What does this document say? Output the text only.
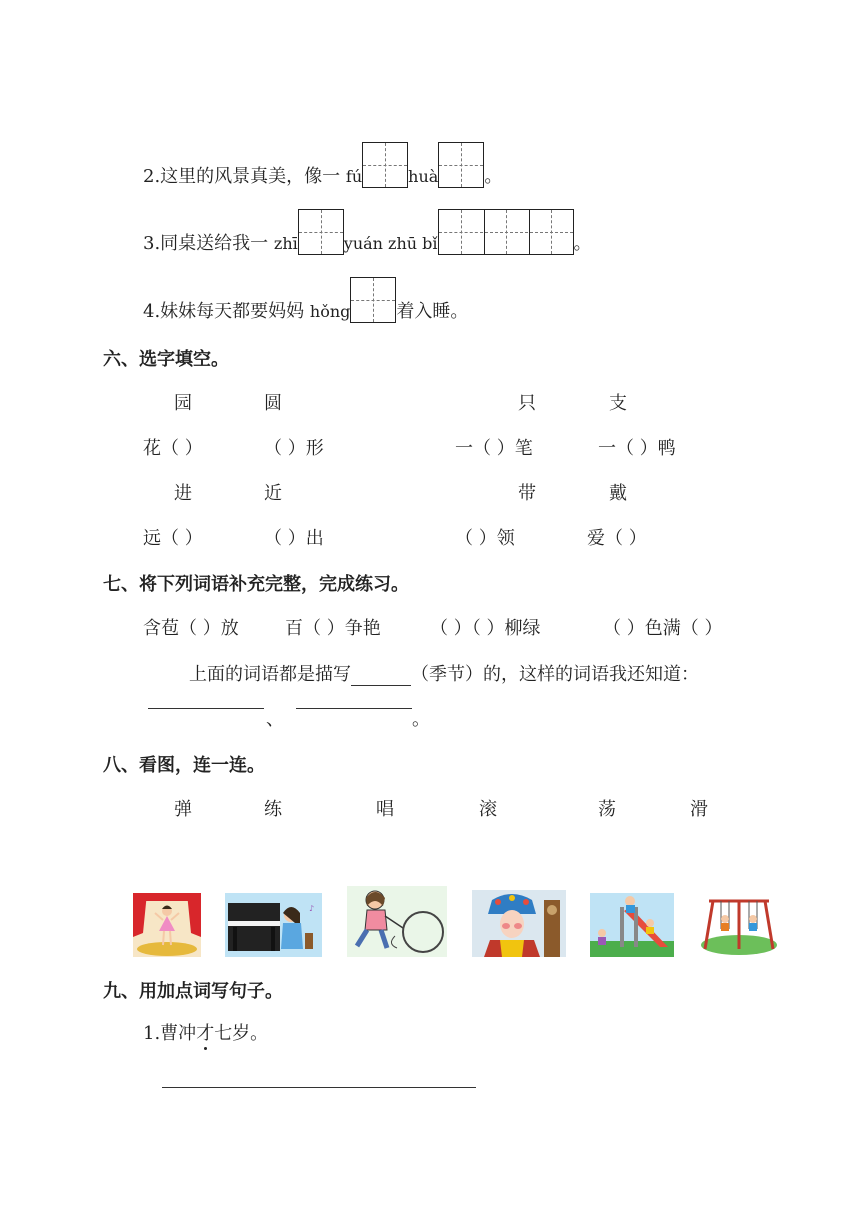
2.这里的风景真美，像一 fú	huà	。
3.同桌送给我一 zhī	yuán zhū bǐ	。
4.妹妹每天都要妈妈 hǒng	着入睡。
六、选字填空。
园	圆	只	支
花（ ）	（ ）形	一（ ）笔	一（ ）鸭
进	近	带	戴
远（ ）	（ ）出	（ ）领	爱（ ）
七、将下列词语补充完整，完成练习。
含苞（ ）放	百（ ）争艳	（ ）（ ）柳绿	（ ）色满（ ）
上面的词语都是描写	（季节）的，这样的词语我还知道：
、	。
八、看图，连一连。
弹	练	唱	滚	荡	滑
♪
九、用加点词写句子。
1.曹冲才七岁。
